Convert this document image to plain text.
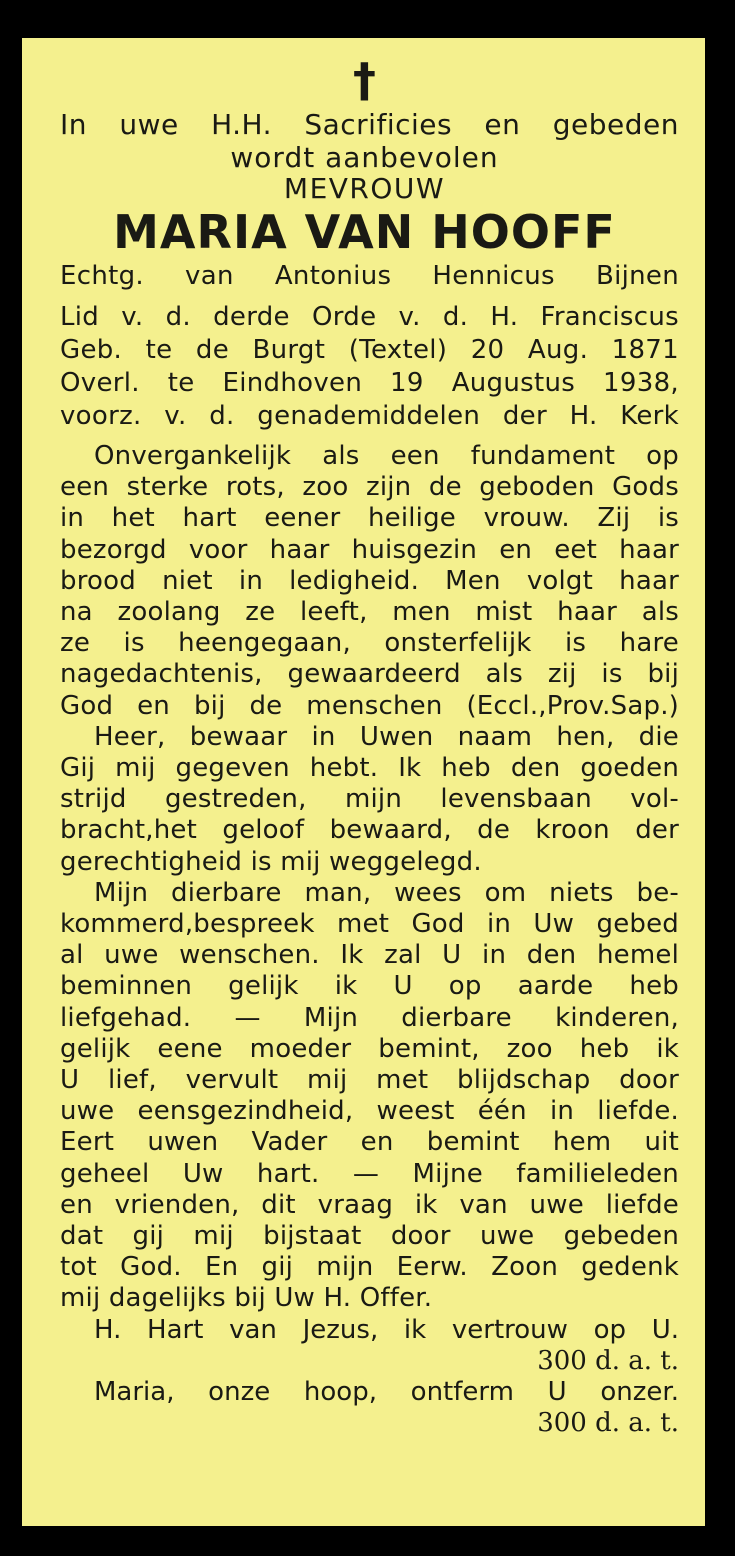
†
In uwe H.H. Sacrificies en gebeden
wordt aanbevolen
MEVROUW
MARIA VAN HOOFF
Echtg. van Antonius Hennicus Bijnen
Lid v. d. derde Orde v. d. H. Franciscus
Geb. te de Burgt (Textel) 20 Aug. 1871
Overl. te Eindhoven 19 Augustus 1938,
voorz. v. d. genademiddelen der H. Kerk
Onvergankelijk als een fundament op
een sterke rots, zoo zijn de geboden Gods
in het hart eener heilige vrouw. Zij is
bezorgd voor haar huisgezin en eet haar
brood niet in ledigheid. Men volgt haar
na zoolang ze leeft, men mist haar als
ze is heengegaan, onsterfelijk is hare
nagedachtenis, gewaardeerd als zij is bij
God en bij de menschen (Eccl.,Prov.Sap.)
Heer, bewaar in Uwen naam hen, die
Gij mij gegeven hebt. Ik heb den goeden
strijd gestreden, mijn levensbaan vol-
bracht,het geloof bewaard, de kroon der
gerechtigheid is mij weggelegd.
Mijn dierbare man, wees om niets be-
kommerd,bespreek met God in Uw gebed
al uwe wenschen. Ik zal U in den hemel
beminnen gelijk ik U op aarde heb
liefgehad. — Mijn dierbare kinderen,
gelijk eene moeder bemint, zoo heb ik
U lief, vervult mij met blijdschap door
uwe eensgezindheid, weest één in liefde.
Eert uwen Vader en bemint hem uit
geheel Uw hart. — Mijne familieleden
en vrienden, dit vraag ik van uwe liefde
dat gij mij bijstaat door uwe gebeden
tot God. En gij mijn Eerw. Zoon gedenk
mij dagelijks bij Uw H. Offer.
H. Hart van Jezus, ik vertrouw op U.
300 d. a. t.
Maria, onze hoop, ontferm U onzer.
300 d. a. t.
